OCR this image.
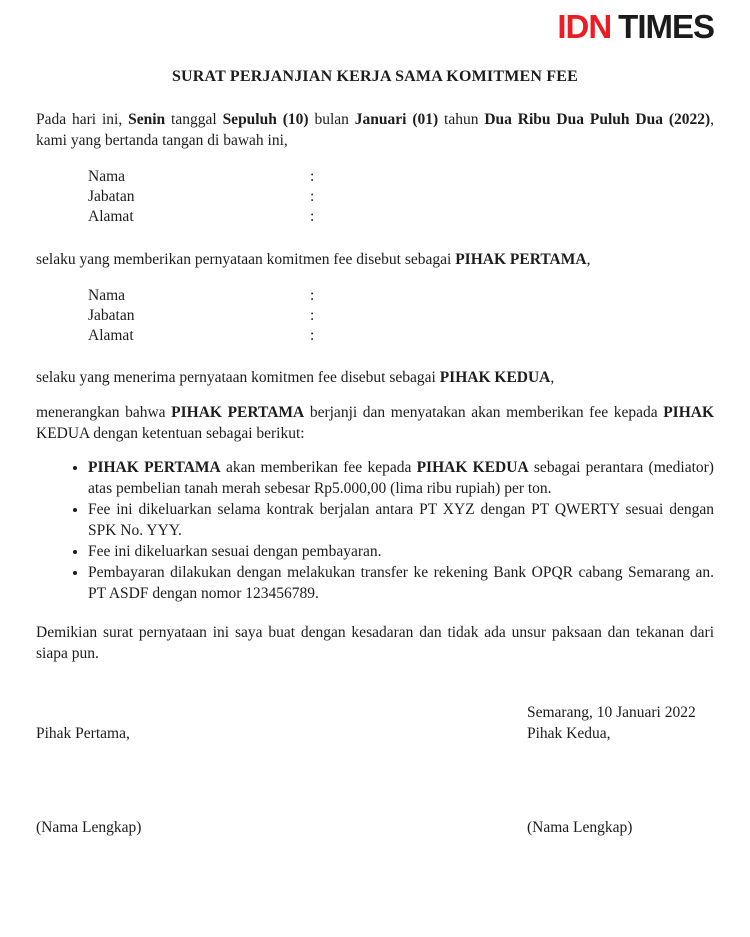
IDN TIMES
SURAT PERJANJIAN KERJA SAMA KOMITMEN FEE

Pada hari ini, Senin tanggal Sepuluh (10) bulan Januari (01) tahun Dua Ribu Dua Puluh Dua (2022), kami yang bertanda tangan di bawah ini,

Nama	:
Jabatan	:
Alamat	:

selaku yang memberikan pernyataan komitmen fee disebut sebagai PIHAK PERTAMA,

Nama	:
Jabatan	:
Alamat	:

selaku yang menerima pernyataan komitmen fee disebut sebagai PIHAK KEDUA,

menerangkan bahwa PIHAK PERTAMA berjanji dan menyatakan akan memberikan fee kepada PIHAK KEDUA dengan ketentuan sebagai berikut:

• PIHAK PERTAMA akan memberikan fee kepada PIHAK KEDUA sebagai perantara (mediator) atas pembelian tanah merah sebesar Rp5.000,00 (lima ribu rupiah) per ton.
• Fee ini dikeluarkan selama kontrak berjalan antara PT XYZ dengan PT QWERTY sesuai dengan SPK No. YYY.
• Fee ini dikeluarkan sesuai dengan pembayaran.
• Pembayaran dilakukan dengan melakukan transfer ke rekening Bank OPQR cabang Semarang an. PT ASDF dengan nomor 123456789.

Demikian surat pernyataan ini saya buat dengan kesadaran dan tidak ada unsur paksaan dan tekanan dari siapa pun.

Semarang, 10 Januari 2022
Pihak Pertama,	Pihak Kedua,
(Nama Lengkap)	(Nama Lengkap)
